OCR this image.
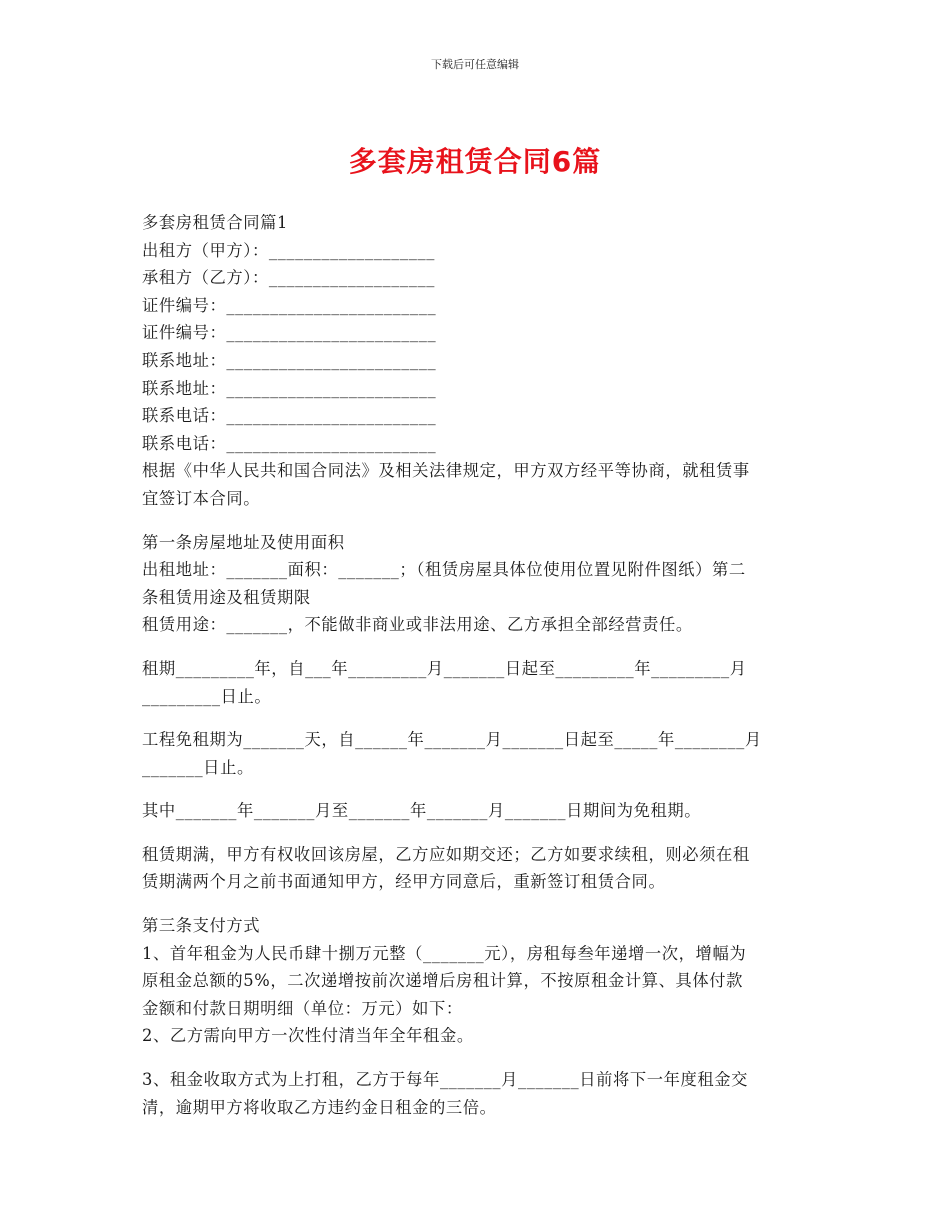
下载后可任意编辑
多套房租赁合同6篇
多套房租赁合同篇1
出租方（甲方）：___________________
承租方（乙方）：___________________
证件编号：________________________
证件编号：________________________
联系地址：________________________
联系地址：________________________
联系电话：________________________
联系电话：________________________
根据《中华人民共和国合同法》及相关法律规定，甲方双方经平等协商，就租赁事
宜签订本合同。
第一条房屋地址及使用面积
出租地址：_______面积：_______；（租赁房屋具体位使用位置见附件图纸）第二
条租赁用途及租赁期限
租赁用途：_______，不能做非商业或非法用途、乙方承担全部经营责任。
租期_________年，自___年_________月_______日起至_________年_________月
_________日止。
工程免租期为_______天，自______年_______月_______日起至_____年________月
_______日止。
其中_______年_______月至_______年_______月_______日期间为免租期。
租赁期满，甲方有权收回该房屋，乙方应如期交还；乙方如要求续租，则必须在租
赁期满两个月之前书面通知甲方，经甲方同意后，重新签订租赁合同。
第三条支付方式
1、首年租金为人民币肆十捌万元整（_______元），房租每叁年递增一次，增幅为
原租金总额的5%，二次递增按前次递增后房租计算，不按原租金计算、具体付款
金额和付款日期明细（单位：万元）如下：
2、乙方需向甲方一次性付清当年全年租金。
3、租金收取方式为上打租，乙方于每年_______月_______日前将下一年度租金交
清，逾期甲方将收取乙方违约金日租金的三倍。
